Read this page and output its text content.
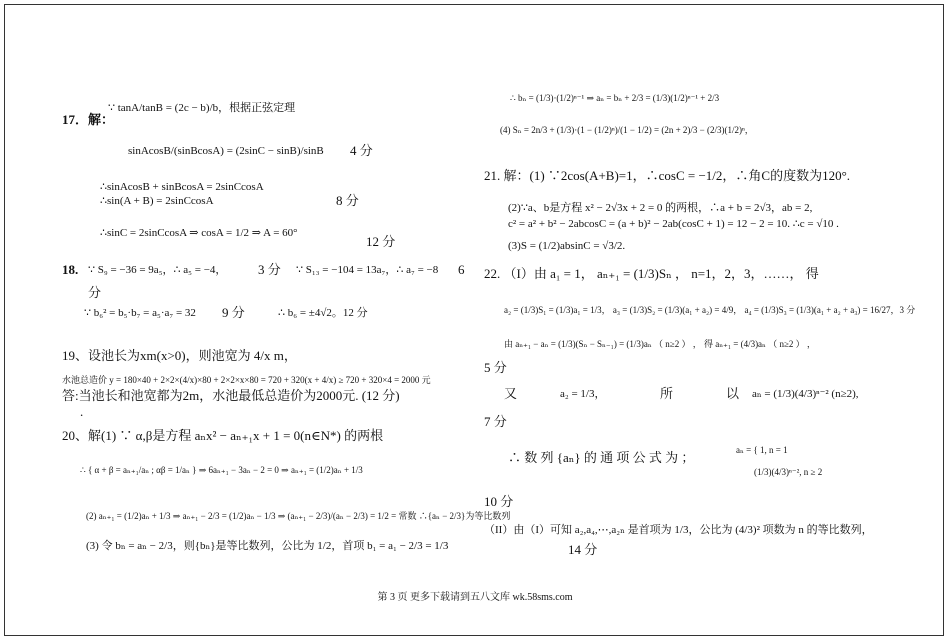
17．解：
∵ tanA/tanB = (2c − b)/b，根据正弦定理
sinAcosB/(sinBcosA) = (2sinC − sinB)/sinB 4 分
∴sinAcosB + sinBcosA = 2sinCcosA
∴sin(A + B) = 2sinCcosA	8 分
∴sinC = 2sinCcosA ⇒ cosA = 1/2 ⇒ A = 60°
12 分
18. ∵ S₉ = −36 = 9a₅，∴ a₅ = −4， 3 分 ∵ S₁₃ = −104 = 13a₇，∴ a₇ = −8 6
分
∵ b₆² = b₅·b₇ = a₅·a₇ = 32 9 分	∴ b₆ = ±4√2。12 分
19、设池长为xm(x>0)，则池宽为 4/x m，
水池总造价 y = 180×40 + 2×2×(4/x)×80 + 2×2×x×80 = 720 + 320(x + 4/x) ≥ 720 + 320×4 = 2000 元
答:当池长和池宽都为2m，水池最低总造价为2000元. (12 分)
.
20、解(1) ∵ α,β是方程 aₙx² − aₙ₊₁x + 1 = 0(n∈N*) 的两根
∴ { α + β = aₙ₊₁/aₙ ; αβ = 1/aₙ } ⇒ 6aₙ₊₁ − 3aₙ − 2 = 0 ⇒ aₙ₊₁ = (1/2)aₙ + 1/3
(2) aₙ₊₁ = (1/2)aₙ + 1/3 ⇒ aₙ₊₁ − 2/3 = (1/2)aₙ − 1/3 ⇒ (aₙ₊₁ − 2/3)/(aₙ − 2/3) = 1/2 = 常数 ∴{aₙ − 2/3}为等比数列
(3) 令 bₙ = aₙ − 2/3，则{bₙ}是等比数列，公比为 1/2，首项 b₁ = a₁ − 2/3 = 1/3
∴ bₙ = (1/3)·(1/2)ⁿ⁻¹ ⇒ aₙ = bₙ + 2/3 = (1/3)(1/2)ⁿ⁻¹ + 2/3
(4) Sₙ = 2n/3 + (1/3)·(1 − (1/2)ⁿ)/(1 − 1/2) = (2n + 2)/3 − (2/3)(1/2)ⁿ，
21. 解：(1) ∵2cos(A+B)=1，∴cosC = −1/2，∴角C的度数为120°.
(2)∵a、b是方程 x² − 2√3x + 2 = 0 的两根，∴a + b = 2√3，ab = 2,
c² = a² + b² − 2abcosC = (a + b)² − 2ab(cosC + 1) = 12 − 2 = 10. ∴c = √10 .
(3)S = (1/2)absinC = √3/2.
22. （I）由 a₁ = 1， aₙ₊₁ = (1/3)Sₙ ， n=1，2，3，……， 得
a₂ = (1/3)S₁ = (1/3)a₁ = 1/3， a₃ = (1/3)S₂ = (1/3)(a₁ + a₂) = 4/9， a₄ = (1/3)S₃ = (1/3)(a₁ + a₂ + a₃) = 16/27，3 分
由 aₙ₊₁ − aₙ = (1/3)(Sₙ − Sₙ₋₁) = (1/3)aₙ （ n≥2 ） ， 得 aₙ₊₁ = (4/3)aₙ （ n≥2 ） ，
5 分
又	a₂ = 1/3，	所	以 aₙ = (1/3)(4/3)ⁿ⁻² (n≥2),
7 分
∴ 数 列 {aₙ} 的 通 项 公 式 为 ；	aₙ = { 1, n = 1
(1/3)(4/3)ⁿ⁻², n ≥ 2
10 分
（II）由（I）可知 a₂,a₄,⋯,a₂ₙ 是首项为 1/3，公比为 (4/3)² 项数为 n 的等比数列，
14 分
第 3 页 更多下载请到五八文库 wk.58sms.com
